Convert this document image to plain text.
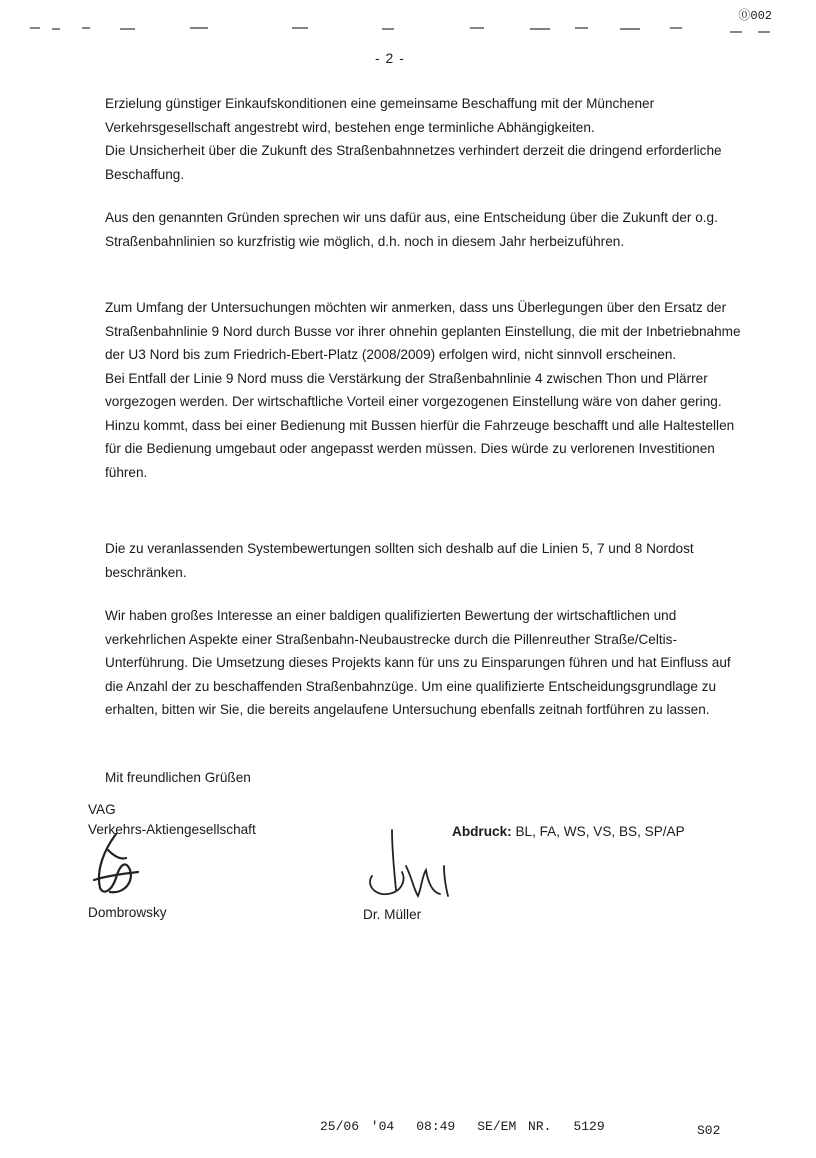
⓪002
- 2 -
Erzielung günstiger Einkaufskonditionen eine gemeinsame Beschaffung mit der Münchener Verkehrsgesellschaft angestrebt wird, bestehen enge terminliche Abhängigkeiten.
Die Unsicherheit über die Zukunft des Straßenbahnnetzes verhindert derzeit die dringend erforderliche Beschaffung.

Aus den genannten Gründen sprechen wir uns dafür aus, eine Entscheidung über die Zukunft der o.g. Straßenbahnlinien so kurzfristig wie möglich, d.h. noch in diesem Jahr herbeizuführen.

Zum Umfang der Untersuchungen möchten wir anmerken, dass uns Überlegungen über den Ersatz der Straßenbahnlinie 9 Nord durch Busse vor ihrer ohnehin geplanten Einstellung, die mit der Inbetriebnahme der U3 Nord bis zum Friedrich-Ebert-Platz (2008/2009) erfolgen wird, nicht sinnvoll erscheinen.
Bei Entfall der Linie 9 Nord muss die Verstärkung der Straßenbahnlinie 4 zwischen Thon und Plärrer vorgezogen werden. Der wirtschaftliche Vorteil einer vorgezogenen Einstellung wäre von daher gering. Hinzu kommt, dass bei einer Bedienung mit Bussen hierfür die Fahrzeuge beschafft und alle Haltestellen für die Bedienung umgebaut oder angepasst werden müssen. Dies würde zu verlorenen Investitionen führen.

Die zu veranlassenden Systembewertungen sollten sich deshalb auf die Linien 5, 7 und 8 Nordost beschränken.

Wir haben großes Interesse an einer baldigen qualifizierten Bewertung der wirtschaftlichen und verkehrlichen Aspekte einer Straßenbahn-Neubaustrecke durch die Pillenreuther Straße/Celtis-Unterführung. Die Umsetzung dieses Projekts kann für uns zu Einsparungen führen und hat Einfluss auf die Anzahl der zu beschaffenden Straßenbahnzüge. Um eine qualifizierte Entscheidungsgrundlage zu erhalten, bitten wir Sie, die bereits angelaufene Untersuchung ebenfalls zeitnah fortführen zu lassen.

Mit freundlichen Grüßen

VAG
Verkehrs-Aktiengesellschaft	Abdruck: BL, FA, WS, VS, BS, SP/AP
Dombrowsky	Dr. Müller
25/06 '04 08:49 SE/EM NR. 5129	S02
